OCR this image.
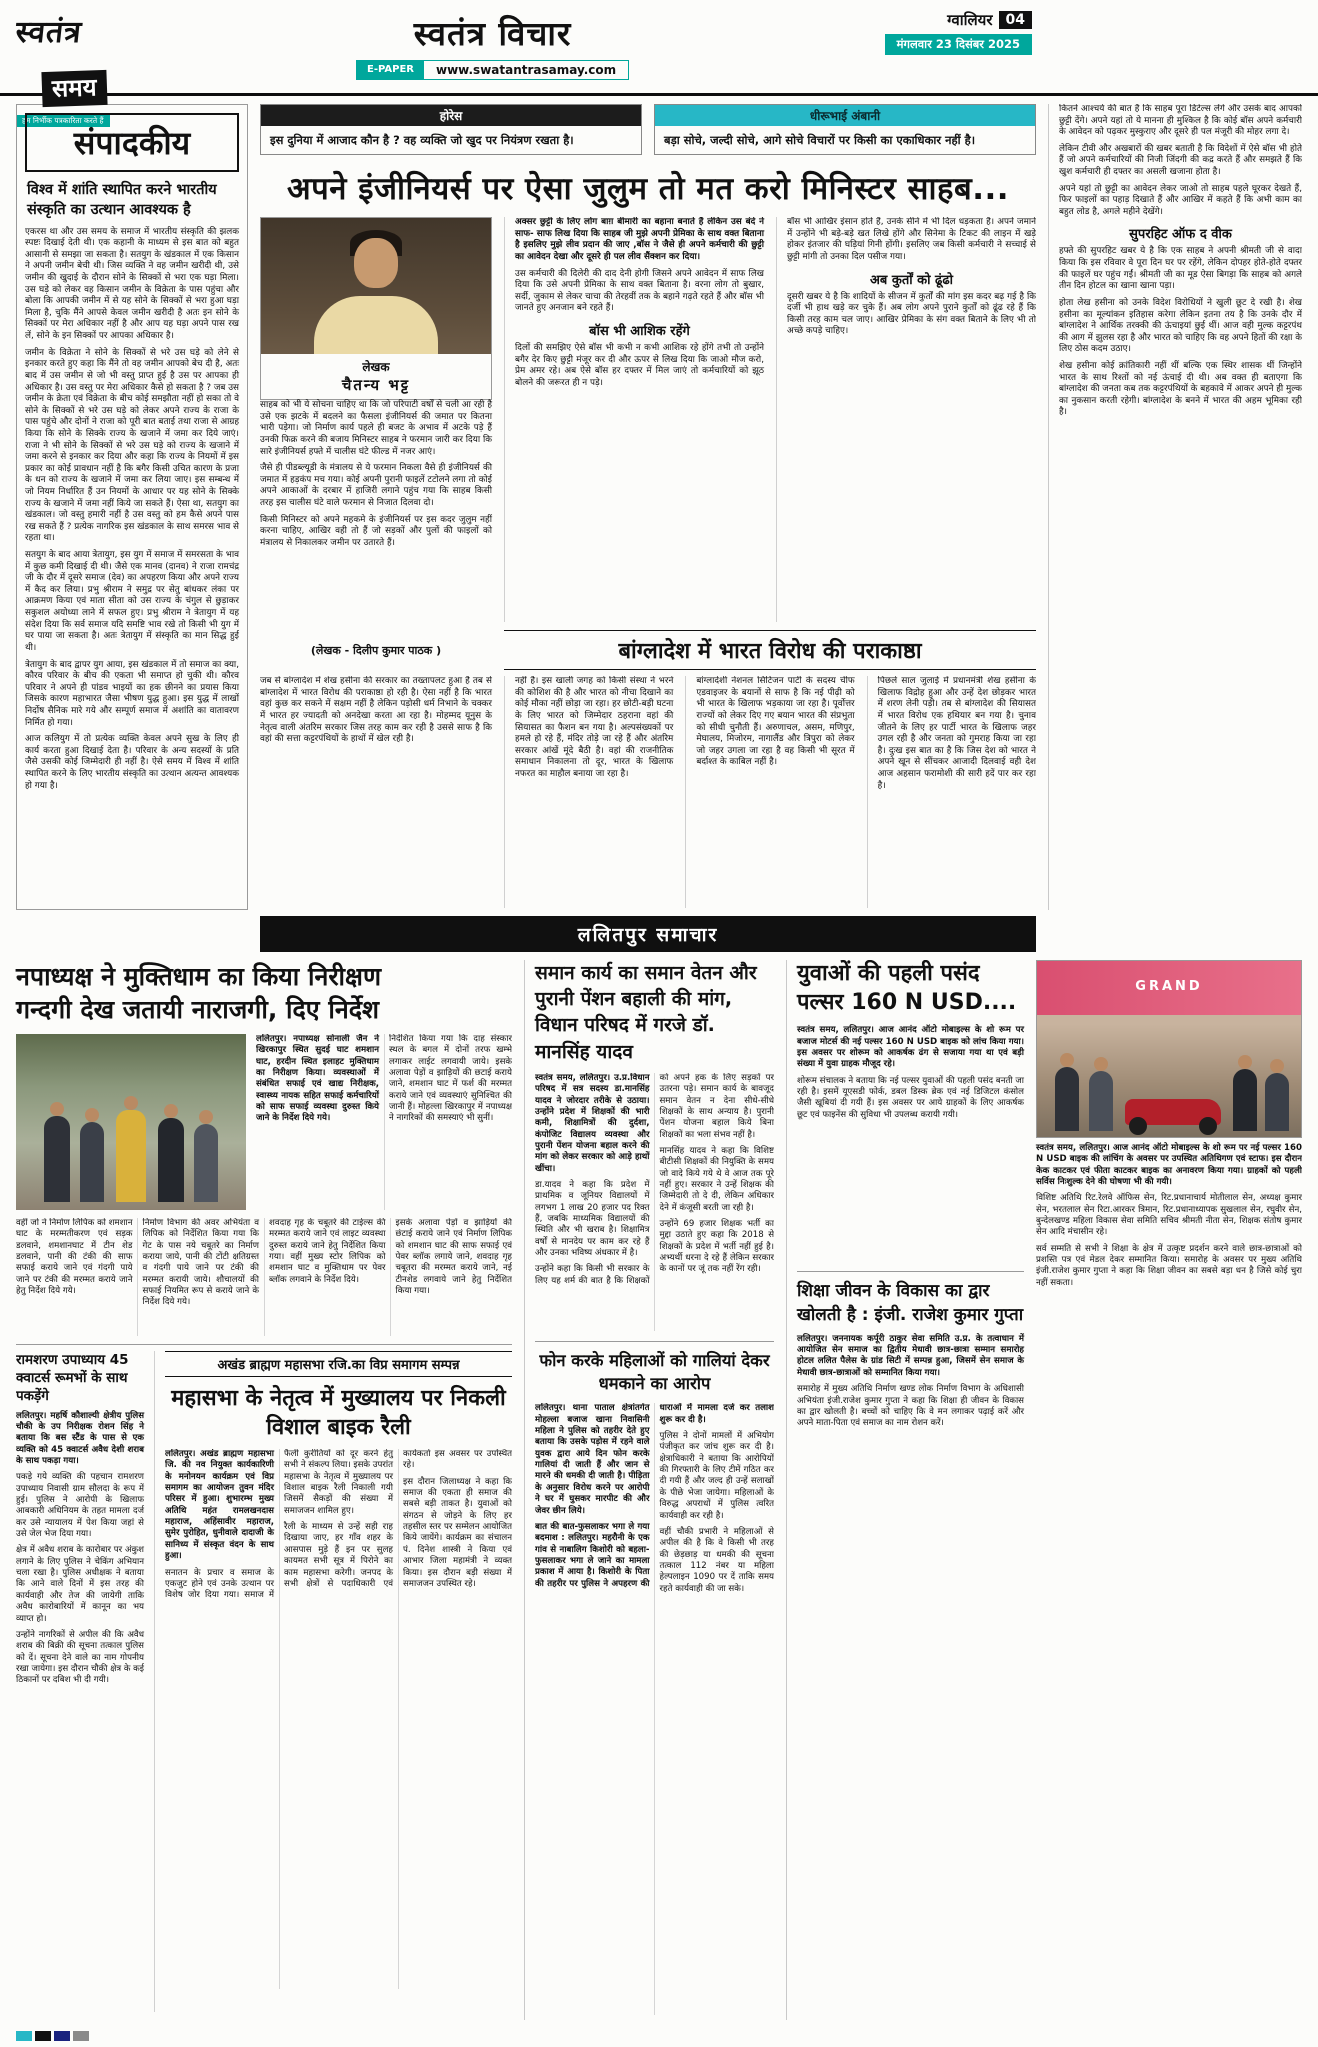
स्वतंत्र

समय
हम निर्भीक पत्रकारिता करते हैं
स्वतंत्र विचार
E-PAPER	www.swatantrasamay.com
ग्वालियर 04
मंगलवार 23 दिसंबर 2025
संपादकीय
विश्व में शांति स्थापित करने भारतीय संस्कृति का उत्थान आवश्यक है

एकरस था और उस समय के समाज में भारतीय संस्कृति की झलक स्पष्टः दिखाई देती थी। एक कहानी के माध्यम से इस बात को बहुत आसानी से समझा जा सकता है। सतयुग के खंडकाल में एक किसान ने अपनी जमीन बेची थी। जिस व्यक्ति ने वह जमीन खरीदी थी, उसे जमीन की खुदाई के दौरान सोने के सिक्कों से भरा एक घड़ा मिला। उस घड़े को लेकर वह किसान जमीन के विक्रेता के पास पहुंचा और बोला कि आपकी जमीन में से यह सोने के सिक्कों से भरा हुआ घड़ा मिला है, चुकि मैंने आपसे केवल जमीन खरीदी है अतः इन सोने के सिक्कों पर मेरा अधिकार नहीं है और आप यह घड़ा अपने पास रख लें, सोने के इन सिक्कों पर आपका अधिकार है।

जमीन के विक्रेता ने सोने के सिक्कों से भरे उस घड़े को लेने से इनकार करते हुए कहा कि मैंने तो वह जमीन आपको बेच दी है, अतः बाद में उस जमीन से जो भी वस्तु प्राप्त हुई है उस पर आपका ही अधिकार है। उस वस्तु पर मेरा अधिकार कैसे हो सकता है ? जब उस जमीन के क्रेता एवं विक्रेता के बीच कोई समझौता नहीं हो सका तो वे सोने के सिक्कों से भरे उस घड़े को लेकर अपने राज्य के राजा के पास पहुंचे और दोनों ने राजा को पूरी बात बताई तथा राजा से आग्रह किया कि सोने के सिक्के राज्य के खजाने में जमा कर दिये जाएं। राजा ने भी सोने के सिक्कों से भरे उस घड़े को राज्य के खजाने में जमा करने से इनकार कर दिया और कहा कि राज्य के नियमों में इस प्रकार का कोई प्रावधान नहीं है कि बगैर किसी उचित कारण के प्रजा के धन को राज्य के खजाने में जमा कर लिया जाए। इस सम्बन्ध में जो नियम निर्धारित हैं उन नियमों के आधार पर यह सोने के सिक्के राज्य के खजाने में जमा नहीं किये जा सकते हैं। ऐसा था, सतयुग का खंडकाल। जो वस्तु हमारी नहीं है उस वस्तु को हम कैसे अपने पास रख सकते हैं ? प्रत्येक नागरिक इस खंडकाल के साथ समरस भाव से रहता था।

सतयुग के बाद आया त्रेतायुग, इस युग में समाज में समरसता के भाव में कुछ कमी दिखाई दी थी। जैसे एक मानव (दानव) ने राजा रामचंद्र जी के दौर में दूसरे समाज (देव) का अपहरण किया और अपने राज्य में कैद कर लिया। प्रभु श्रीराम ने समुद्र पर सेतु बांधकर लंका पर आक्रमण किया एवं माता सीता को उस राज्य के चंगुल से छुड़ाकर सकुशल अयोध्या लाने में सफल हुए। प्रभु श्रीराम ने त्रेतायुग में यह संदेश दिया कि सर्व समाज यदि समष्टि भाव रखे तो किसी भी युग में घर पाया जा सकता है। अतः त्रेतायुग में संस्कृति का मान सिद्ध हुई थी।

त्रेतायुग के बाद द्वापर युग आया, इस खंडकाल में तो समाज का क्या, कौरव परिवार के बीच की एकता भी समाप्त हो चुकी थी। कौरव परिवार ने अपने ही पांडव भाइयों का हक छीनने का प्रयास किया जिसके कारण महाभारत जैसा भीषण युद्ध हुआ। इस युद्ध में लाखों निर्दोष सैनिक मारे गये और सम्पूर्ण समाज में अशांति का वातावरण निर्मित हो गया।

आज कलियुग में तो प्रत्येक व्यक्ति केवल अपने सुख के लिए ही कार्य करता हुआ दिखाई देता है। परिवार के अन्य सदस्यों के प्रति जैसे उसकी कोई जिम्मेदारी ही नहीं है। ऐसे समय में विश्व में शांति स्थापित करने के लिए भारतीय संस्कृति का उत्थान अत्यन्त आवश्यक हो गया है।

होरेस
इस दुनिया में आजाद कौन है ? वह व्यक्ति जो खुद पर नियंत्रण रखता है।
धीरूभाई अंबानी
बड़ा सोचे, जल्दी सोचे, आगे सोचे विचारों पर किसी का एकाधिकार नहीं है।
अपने इंजीनियर्स पर ऐसा जुलुम तो मत करो मिनिस्टर साहब...
लेखक
चैतन्य भट्ट

साहब को भी ये सोचना चाहिए था कि जो परिपाटी वर्षों से चली आ रही है उसे एक झटके में बदलने का फैसला इंजीनियर्स की जमात पर कितना भारी पड़ेगा। जो निर्माण कार्य पहले ही बजट के अभाव में अटके पड़े हैं उनकी फिक्र करने की बजाय मिनिस्टर साहब ने फरमान जारी कर दिया कि सारे इंजीनियर्स हफ्ते में चालीस घंटे फील्ड में नजर आएं।

जैसे ही पीडब्ल्यूडी के मंत्रालय से ये फरमान निकला वैसे ही इंजीनियर्स की जमात में हड़कंप मच गया। कोई अपनी पुरानी फाइलें टटोलने लगा तो कोई अपने आकाओं के दरबार में हाजिरी लगाने पहुंच गया कि साहब किसी तरह इस चालीस घंटे वाले फरमान से निजात दिलवा दो।

किसी मिनिस्टर को अपने महकमे के इंजीनियर्स पर इस कदर जुलुम नहीं करना चाहिए, आखिर वही तो हैं जो सड़कों और पुलों की फाइलों को मंत्रालय से निकालकर जमीन पर उतारते हैं।

अक्सर छुट्टी के लिए लोग बाग़ बीमारी का बहाना बनाते हैं लेकिन उस बंदे ने साफ- साफ लिख दिया कि साहब जी मुझे अपनी प्रेमिका के साथ वक्त बिताना है इसलिए मुझे लीव प्रदान की जाए ,बॉस ने जैसे ही अपने कर्मचारी की छुट्टी का आवेदन देखा और दूसरे ही पल लीव सैंक्शन कर दिया।

उस कर्मचारी की दिलेरी की दाद देनी होगी जिसने अपने आवेदन में साफ लिख दिया कि उसे अपनी प्रेमिका के साथ वक्त बिताना है। वरना लोग तो बुखार, सर्दी, जुकाम से लेकर चाचा की तेरहवीं तक के बहाने गढ़ते रहते हैं और बॉस भी जानते हुए अनजान बने रहते हैं।

बॉस भी आशिक रहेंगे

दिलों की समझिए ऐसे बॉस भी कभी न कभी आशिक रहे होंगे तभी तो उन्होंने बगैर देर किए छुट्टी मंजूर कर दी और ऊपर से लिख दिया कि जाओ मौज करो, प्रेम अमर रहे। अब ऐसे बॉस हर दफ्तर में मिल जाएं तो कर्मचारियों को झूठ बोलने की जरूरत ही न पड़े।

बॉस भी आखिर इंसान होते हैं, उनके सीने में भी दिल धड़कता है। अपने जमाने में उन्होंने भी बड़े-बड़े खत लिखे होंगे और सिनेमा के टिकट की लाइन में खड़े होकर इंतजार की घड़ियां गिनी होंगी। इसलिए जब किसी कर्मचारी ने सच्चाई से छुट्टी मांगी तो उनका दिल पसीज गया।

अब कुर्तों को ढूंढो

दूसरी खबर ये है कि शादियों के सीजन में कुर्तों की मांग इस कदर बढ़ गई है कि दर्जी भी हाथ खड़े कर चुके हैं। अब लोग अपने पुराने कुर्तों को ढूंढ रहे हैं कि किसी तरह काम चल जाए। आखिर प्रेमिका के संग वक्त बिताने के लिए भी तो अच्छे कपड़े चाहिए।

(लेखक - दिलीप कुमार पाठक )	बांग्लादेश में भारत विरोध की पराकाष्ठा

जब से बांग्लादेश में शेख हसीना की सरकार का तख्तापलट हुआ है तब से बांग्लादेश में भारत विरोध की पराकाष्ठा हो रही है। ऐसा नहीं है कि भारत वहां कुछ कर सकने में सक्षम नहीं है लेकिन पड़ोसी धर्म निभाने के चक्कर में भारत हर ज्यादती को अनदेखा करता आ रहा है। मोहम्मद यूनुस के नेतृत्व वाली अंतरिम सरकार जिस तरह काम कर रही है उससे साफ है कि वहां की सत्ता कट्टरपंथियों के हाथों में खेल रही है।

नहीं है। इस खाली जगह को किसी संस्था ने भरने की कोशिश की है और भारत को नीचा दिखाने का कोई मौका नहीं छोड़ा जा रहा। हर छोटी-बड़ी घटना के लिए भारत को जिम्मेदार ठहराना वहां की सियासत का फैशन बन गया है। अल्पसंख्यकों पर हमले हो रहे हैं, मंदिर तोड़े जा रहे हैं और अंतरिम सरकार आंखें मूंदे बैठी है। वहां की राजनीतिक समाधान निकालना तो दूर, भारत के खिलाफ नफरत का माहौल बनाया जा रहा है।

बांग्लादेशी नेशनल सिटिजन पार्टी के सदस्य चीफ एडवाइजर के बयानों से साफ है कि नई पीढ़ी को भी भारत के खिलाफ भड़काया जा रहा है। पूर्वोत्तर राज्यों को लेकर दिए गए बयान भारत की संप्रभुता को सीधी चुनौती हैं। अरुणाचल, असम, मणिपुर, मेघालय, मिजोरम, नागालैंड और त्रिपुरा को लेकर जो जहर उगला जा रहा है वह किसी भी सूरत में बर्दाश्त के काबिल नहीं है।

पिछले साल जुलाई में प्रधानमंत्री शेख हसीना के खिलाफ विद्रोह हुआ और उन्हें देश छोड़कर भारत में शरण लेनी पड़ी। तब से बांग्लादेश की सियासत में भारत विरोध एक हथियार बन गया है। चुनाव जीतने के लिए हर पार्टी भारत के खिलाफ जहर उगल रही है और जनता को गुमराह किया जा रहा है। दुःख इस बात का है कि जिस देश को भारत ने अपने खून से सींचकर आजादी दिलवाई वही देश आज अहसान फरामोशी की सारी हदें पार कर रहा है।

कितने आश्चर्य की बात है कि साहब पूरा डिटेल्स लेंगे और उसके बाद आपको छुट्टी देंगे। अपने यहां तो ये मानना ही मुश्किल है कि कोई बॉस अपने कर्मचारी के आवेदन को पढ़कर मुस्कुराए और दूसरे ही पल मंजूरी की मोहर लगा दे।

लेकिन टीवी और अखबारों की खबर बताती है कि विदेशों में ऐसे बॉस भी होते हैं जो अपने कर्मचारियों की निजी जिंदगी की कद्र करते हैं और समझते हैं कि खुश कर्मचारी ही दफ्तर का असली खजाना होता है।

अपने यहां तो छुट्टी का आवेदन लेकर जाओ तो साहब पहले घूरकर देखते हैं, फिर फाइलों का पहाड़ दिखाते हैं और आखिर में कहते हैं कि अभी काम का बहुत लोड है, अगले महीने देखेंगे।

सुपरहिट ऑफ द वीक

हफ्ते की सुपरहिट खबर ये है कि एक साहब ने अपनी श्रीमती जी से वादा किया कि इस रविवार वे पूरा दिन घर पर रहेंगे, लेकिन दोपहर होते-होते दफ्तर की फाइलें घर पहुंच गईं। श्रीमती जी का मूड ऐसा बिगड़ा कि साहब को अगले तीन दिन होटल का खाना खाना पड़ा।

होता लेख हसीना को उनके विदेश विरोधियों ने खुली छूट दे रखी है। शेख हसीना का मूल्यांकन इतिहास करेगा लेकिन इतना तय है कि उनके दौर में बांग्लादेश ने आर्थिक तरक्की की ऊंचाइयां छुई थीं। आज वही मुल्क कट्टरपंथ की आग में झुलस रहा है और भारत को चाहिए कि वह अपने हितों की रक्षा के लिए ठोस कदम उठाए।

शेख हसीना कोई क्रांतिकारी नहीं थीं बल्कि एक स्थिर शासक थीं जिन्होंने भारत के साथ रिश्तों को नई ऊंचाई दी थी। अब वक्त ही बताएगा कि बांग्लादेश की जनता कब तक कट्टरपंथियों के बहकावे में आकर अपने ही मुल्क का नुकसान करती रहेगी। बांग्लादेश के बनने में भारत की अहम भूमिका रही है।

ललितपुर समाचार
नपाध्यक्ष ने मुक्तिधाम का किया निरीक्षण
गन्दगी देख जतायी नाराजगी, दिए निर्देश

ललितपुर। नपाध्यक्ष सोनाली जैन ने खिरकापुर स्थित सुदई घाट शमशान घाट, हरदीन स्थित इलाहट मुक्तिधाम का निरीक्षण किया। व्यवस्थाओं में संबंधित सफाई एवं खाद्य निरीक्षक, स्वास्थ्य नायक सहित सफाई कर्मचारियों को साफ सफाई व्यवस्था दुरुस्त किये जाने के निर्देश दिये गये।

निर्देशित किया गया कि दाह संस्कार स्थल के बगल में दोनों तरफ खम्भे लगाकर लाईट लगवायी जाये। इसके अलावा पेड़ों व झाड़ियों की छटाई कराये जाने, शमशान घाट में फर्श की मरम्मत कराये जाने एवं व्यवस्थाएं सुनिश्चित की जानी हैं। मोहल्ला खिरकापुर में नपाध्यक्ष ने नागरिकों की समस्याएं भी सुनीं।

वहीं जो ने निर्माण लिपिक को शमशान घाट के मरम्मतीकरण एवं सड़क डलवाने, शमशानघाट में टीन शेड डलवाने, पानी की टंकी की साफ सफाई कराये जाने एवं गंदगी पाये जाने पर टंकी की मरम्मत कराये जाने हेतु निर्देश दिये गये।

निर्माण विभाग की अवर अभियंता व लिपिक को निर्देशित किया गया कि गेट के पास नये चबूतरे का निर्माण कराया जाये, पानी की टोंटी क्षतिग्रस्त व गंदगी पाये जाने पर टंकी की मरम्मत करायी जाये। शौचालयों की सफाई नियमित रूप से कराये जाने के निर्देश दिये गये।

शवदाह गृह के चबूतरे की टाईल्स की मरम्मत कराये जाने एवं लाइट व्यवस्था दुरुस्त कराये जाने हेतु निर्देशित किया गया। वहीं मुख्य स्टोर लिपिक को शमशान घाट व मुक्तिधाम पर पेवर ब्लॉक लगवाने के निर्देश दिये।

इसके अलावा पेड़ों व झाड़ियों की छंटाई कराये जाने एवं निर्माण लिपिक को शमशान घाट की साफ सफाई एवं पेवर ब्लॉक लगाये जाने, शवदाह गृह चबूतरा की मरम्मत कराये जाने, नई टीनशेड लगवाये जाने हेतु निर्देशित किया गया।

रामशरण उपाध्याय 45 क्वाटर्स रूमभों के साथ पकड़ेंगे

ललितपुर। महर्षि कौशाल्यी क्षेत्रीय पुलिस चौकी के उप निरीक्षक रोशन सिंह ने बताया कि बस स्टैंड के पास से एक व्यक्ति को 45 क्वाटर्स अवैध देशी शराब के साथ पकड़ा गया।

पकड़े गये व्यक्ति की पहचान रामशरण उपाध्याय निवासी ग्राम सौलदा के रूप में हुई। पुलिस ने आरोपी के खिलाफ आबकारी अधिनियम के तहत मामला दर्ज कर उसे न्यायालय में पेश किया जहां से उसे जेल भेज दिया गया।

क्षेत्र में अवैध शराब के कारोबार पर अंकुश लगाने के लिए पुलिस ने चेकिंग अभियान चला रखा है। पुलिस अधीक्षक ने बताया कि आने वाले दिनों में इस तरह की कार्यवाही और तेज की जायेगी ताकि अवैध कारोबारियों में कानून का भय व्याप्त हो।

उन्होंने नागरिकों से अपील की कि अवैध शराब की बिक्री की सूचना तत्काल पुलिस को दें। सूचना देने वाले का नाम गोपनीय रखा जायेगा। इस दौरान चौकी क्षेत्र के कई ठिकानों पर दबिश भी दी गयी।

अखंड ब्राह्मण महासभा रजि.का विप्र समागम सम्पन्न
महासभा के नेतृत्व में मुख्यालय पर निकली विशाल बाइक रैली

ललितपुर। अखंड ब्राह्मण महासभा जि. की नव नियुक्त कार्यकारिणी के मनोनयन कार्यक्रम एवं विप्र समागम का आयोजन तुवन मंदिर परिसर में हुआ। शुभारम्भ मुख्य अतिथि महंत रामलखनदास महाराज, अहिंसावीर महाराज, सुमेर पुरोहित, धुनीवाले दादाजी के सानिध्य में संस्कृत वंदन के साथ हुआ।

सनातन के प्रचार व समाज के एकजुट होने एवं उनके उत्थान पर विशेष जोर दिया गया। समाज में फैली कुरीतियों को दूर करने हेतु सभी ने संकल्प लिया। इसके उपरांत महासभा के नेतृत्व में मुख्यालय पर विशाल बाइक रैली निकाली गयी जिसमें सैकड़ों की संख्या में समाजजन शामिल हुए।

रैली के माध्यम से उन्हें सही राह दिखाया जाए, हर गाँव शहर के आसपास मुड़े हैं इन पर सुलह कायमत सभी सूत्र में पिरोने का काम महासभा करेगी। जनपद के सभी क्षेत्रों से पदाधिकारी एवं कार्यकर्ता इस अवसर पर उपस्थित रहे।

इस दौरान जिलाध्यक्ष ने कहा कि समाज की एकता ही समाज की सबसे बड़ी ताकत है। युवाओं को संगठन से जोड़ने के लिए हर तहसील स्तर पर सम्मेलन आयोजित किये जायेंगे। कार्यक्रम का संचालन पं. दिनेश शास्त्री ने किया एवं आभार जिला महामंत्री ने व्यक्त किया। इस दौरान बड़ी संख्या में समाजजन उपस्थित रहे।

समान कार्य का समान वेतन और पुरानी पेंशन बहाली की मांग, विधान परिषद में गरजे डॉ. मानसिंह यादव

स्वतंत्र समय, ललितपुर। उ.प्र.विधान परिषद में सत्र सदस्य डा.मानसिंह यादव ने जोरदार तरीके से उठाया। उन्होंने प्रदेश में शिक्षकों की भारी कमी, शिक्षामित्रों की दुर्दशा, कंपोजिट विद्यालय व्यवस्था और पुरानी पेंशन योजना बहाल करने की मांग को लेकर सरकार को आड़े हाथों खींचा।

डा.यादव ने कहा कि प्रदेश में प्राथमिक व जूनियर विद्यालयों में लगभग 1 लाख 20 हजार पद रिक्त हैं, जबकि माध्यमिक विद्यालयों की स्थिति और भी खराब है। शिक्षामित्र वर्षों से मानदेय पर काम कर रहे हैं और उनका भविष्य अंधकार में है।

उन्होंने कहा कि किसी भी सरकार के लिए यह शर्म की बात है कि शिक्षकों को अपने हक के लिए सड़कों पर उतरना पड़े। समान कार्य के बावजूद समान वेतन न देना सीधे-सीधे शिक्षकों के साथ अन्याय है। पुरानी पेंशन योजना बहाल किये बिना शिक्षकों का भला संभव नहीं है।

मानसिंह यादव ने कहा कि विशिष्ट बीटीसी शिक्षकों की नियुक्ति के समय जो वादे किये गये थे वे आज तक पूरे नहीं हुए। सरकार ने उन्हें शिक्षक की जिम्मेदारी तो दे दी, लेकिन अधिकार देने में कंजूसी बरती जा रही है।

उन्होंने 69 हजार शिक्षक भर्ती का मुद्दा उठाते हुए कहा कि 2018 से शिक्षकों के प्रदेश में भर्ती नहीं हुई है। अभ्यर्थी धरना दे रहे हैं लेकिन सरकार के कानों पर जूं तक नहीं रेंग रही।

फोन करके महिलाओं को गालियां देकर धमकाने का आरोप

ललितपुर। थाना पाताल क्षेत्रांतर्गत मोहल्ला बजाज खाना निवासिनी महिला ने पुलिस को तहरीर देते हुए बताया कि उसके पड़ोस में रहने वाले युवक द्वारा आये दिन फोन करके गालियां दी जाती हैं और जान से मारने की धमकी दी जाती है। पीड़िता के अनुसार विरोध करने पर आरोपी ने घर में घुसकर मारपीट की और जेवर छीन लिये।

बात की बात-फुसलाकर भगा ले गया बदमाश : ललितपुर। महरौनी के एक गांव से नाबालिग किशोरी को बहला-फुसलाकर भगा ले जाने का मामला प्रकाश में आया है। किशोरी के पिता की तहरीर पर पुलिस ने अपहरण की धाराओं में मामला दर्ज कर तलाश शुरू कर दी है।

पुलिस ने दोनों मामलों में अभियोग पंजीकृत कर जांच शुरू कर दी है। क्षेत्राधिकारी ने बताया कि आरोपियों की गिरफ्तारी के लिए टीमें गठित कर दी गयी हैं और जल्द ही उन्हें सलाखों के पीछे भेजा जायेगा। महिलाओं के विरुद्ध अपराधों में पुलिस त्वरित कार्यवाही कर रही है।

वहीं चौकी प्रभारी ने महिलाओं से अपील की है कि वे किसी भी तरह की छेड़छाड़ या धमकी की सूचना तत्काल 112 नंबर या महिला हेल्पलाइन 1090 पर दें ताकि समय रहते कार्यवाही की जा सके।

युवाओं की पहली पसंद
पल्सर 160 N USD....

स्वतंत्र समय, ललितपुर। आज आनंद ऑटो मोबाइल्स के शो रूम पर बजाज मोटर्स की नई पल्सर 160 N USD बाइक को लांच किया गया। इस अवसर पर शोरूम को आकर्षक ढंग से सजाया गया था एवं बड़ी संख्या में युवा ग्राहक मौजूद रहे।

शोरूम संचालक ने बताया कि नई पल्सर युवाओं की पहली पसंद बनती जा रही है। इसमें यूएसडी फोर्क, डबल डिस्क ब्रेक एवं नई डिजिटल कंसोल जैसी खूबियां दी गयी हैं। इस अवसर पर आये ग्राहकों के लिए आकर्षक छूट एवं फाइनेंस की सुविधा भी उपलब्ध करायी गयी।

शिक्षा जीवन के विकास का द्वार खोलती है : इंजी. राजेश कुमार गुप्ता

ललितपुर। जननायक कर्पूरी ठाकुर सेवा समिति उ.प्र. के तत्वाधान में आयोजित सेन समाज का द्वितीय मेधावी छात्र-छात्रा सम्मान समारोह होटल ललित पैलेस के ग्रांड सिटी में सम्पन्न हुआ, जिसमें सेन समाज के मेधावी छात्र-छात्राओं को सम्मानित किया गया।

समारोह में मुख्य अतिथि निर्माण खण्ड लोक निर्माण विभाग के अधिशासी अभियंता इंजी.राजेश कुमार गुप्ता ने कहा कि शिक्षा ही जीवन के विकास का द्वार खोलती है। बच्चों को चाहिए कि वे मन लगाकर पढ़ाई करें और अपने माता-पिता एवं समाज का नाम रोशन करें।

GRAND

स्वतंत्र समय, ललितपुर। आज आनंद ऑटो मोबाइल्स के शो रूम पर नई पल्सर 160 N USD बाइक की लांचिंग के अवसर पर उपस्थित अतिथिगण एवं स्टाफ। इस दौरान केक काटकर एवं फीता काटकर बाइक का अनावरण किया गया। ग्राहकों को पहली सर्विस निःशुल्क देने की घोषणा भी की गयी।

विशिष्ट अतिथि रिट.रेलवे ऑफिस सेन, रिट.प्रधानाचार्य मोतीलाल सेन, अध्यक्ष कुमार सेन, भरतलाल सेन रिटा.आरकर त्रिमान, रिट.प्रधानाध्यापक सुखलाल सेन, रघुवीर सेन, बुन्देलखण्ड महिला विकास सेवा समिति सचिव श्रीमती नीता सेन, शिक्षक संतोष कुमार सेन आदि मंचासीन रहे।

सर्व सम्मति से सभी ने शिक्षा के क्षेत्र में उत्कृष्ट प्रदर्शन करने वाले छात्र-छात्राओं को प्रशस्ति पत्र एवं मेडल देकर सम्मानित किया। समारोह के अवसर पर मुख्य अतिथि इंजी.राजेश कुमार गुप्ता ने कहा कि शिक्षा जीवन का सबसे बड़ा धन है जिसे कोई चुरा नहीं सकता।
